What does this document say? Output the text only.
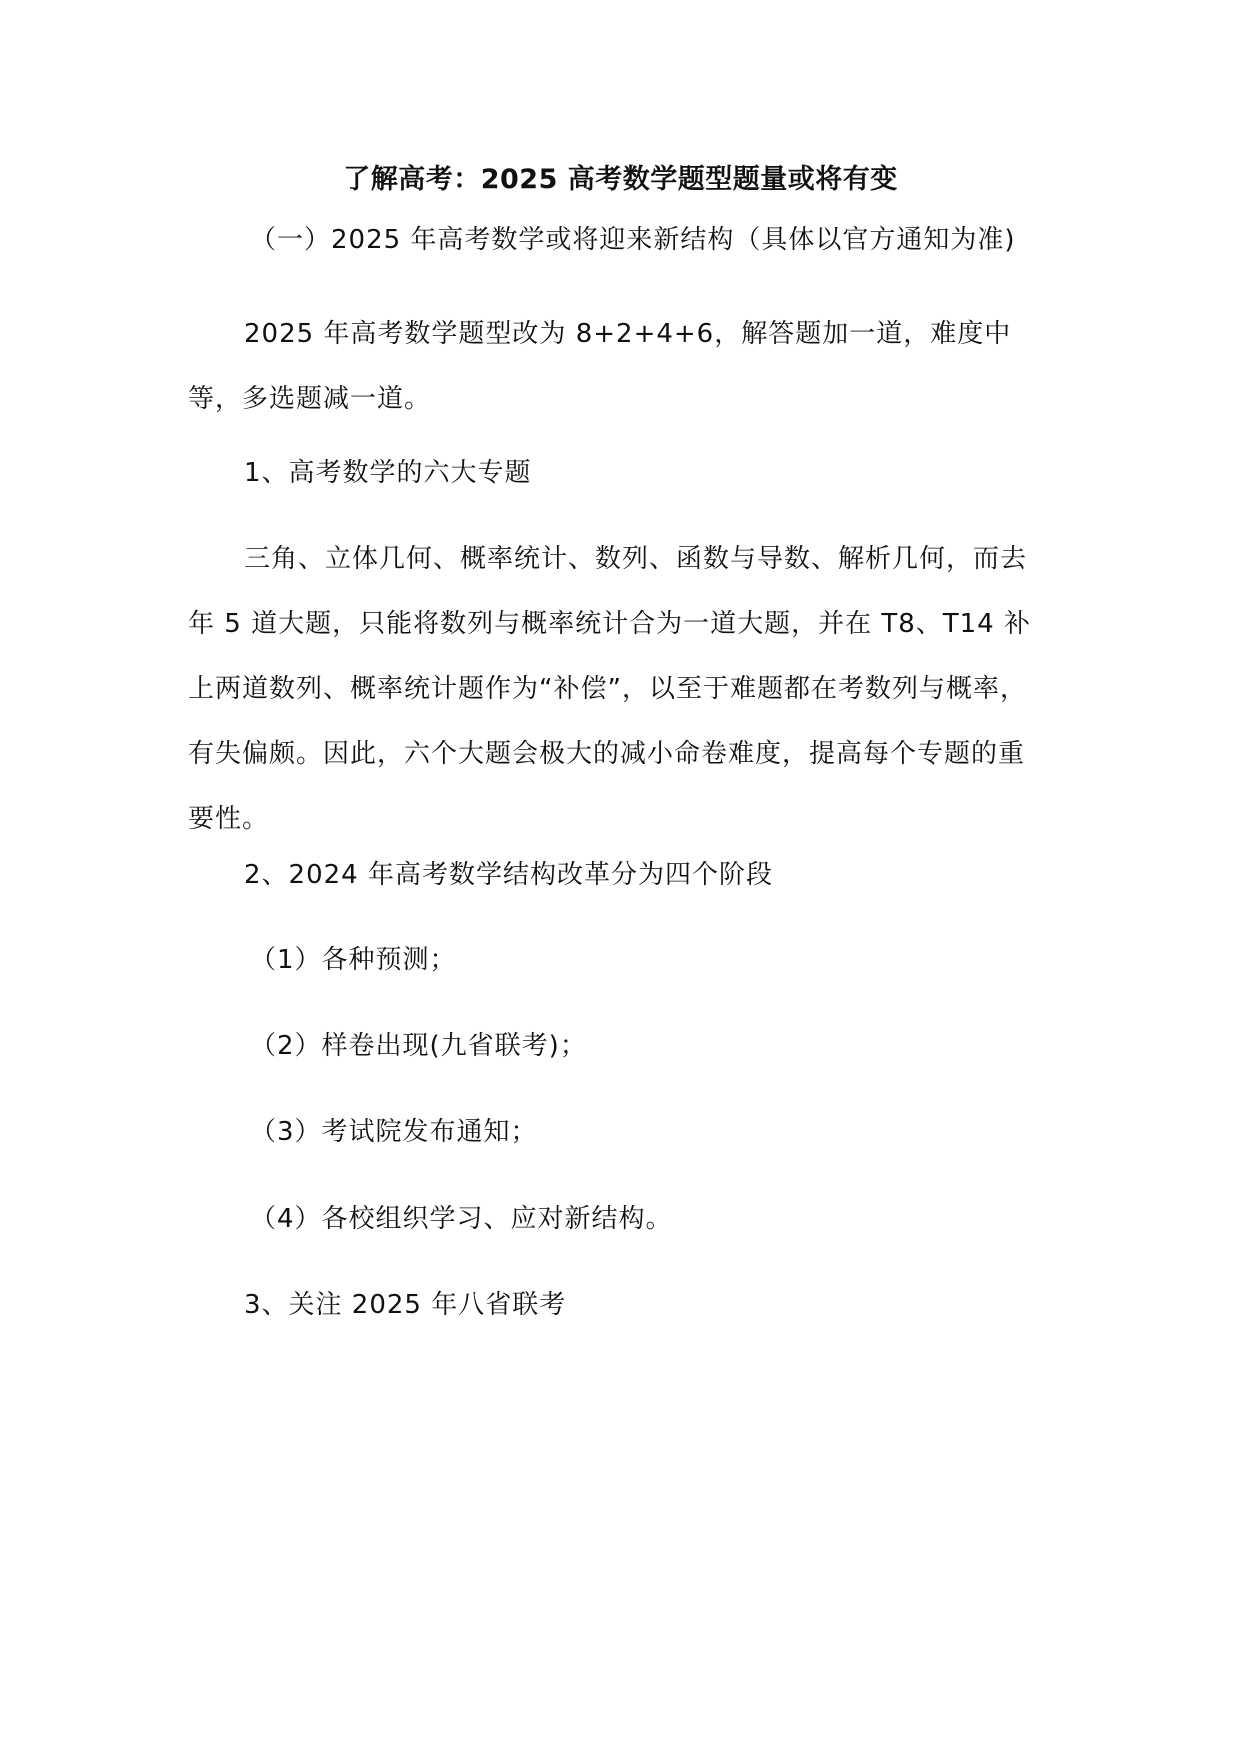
了解高考：2025 高考数学题型题量或将有变

（一）2025 年高考数学或将迎来新结构（具体以官方通知为准)

2025 年高考数学题型改为 8+2+4+6，解答题加一道，难度中等，多选题减一道。

1、高考数学的六大专题

三角、立体几何、概率统计、数列、函数与导数、解析几何，而去年 5 道大题，只能将数列与概率统计合为一道大题，并在 T8、T14 补上两道数列、概率统计题作为“补偿”，以至于难题都在考数列与概率，有失偏颇。因此，六个大题会极大的减小命卷难度，提高每个专题的重要性。

2、2024 年高考数学结构改革分为四个阶段

（1）各种预测；

（2）样卷出现(九省联考)；

（3）考试院发布通知；

（4）各校组织学习、应对新结构。

3、关注 2025 年八省联考
